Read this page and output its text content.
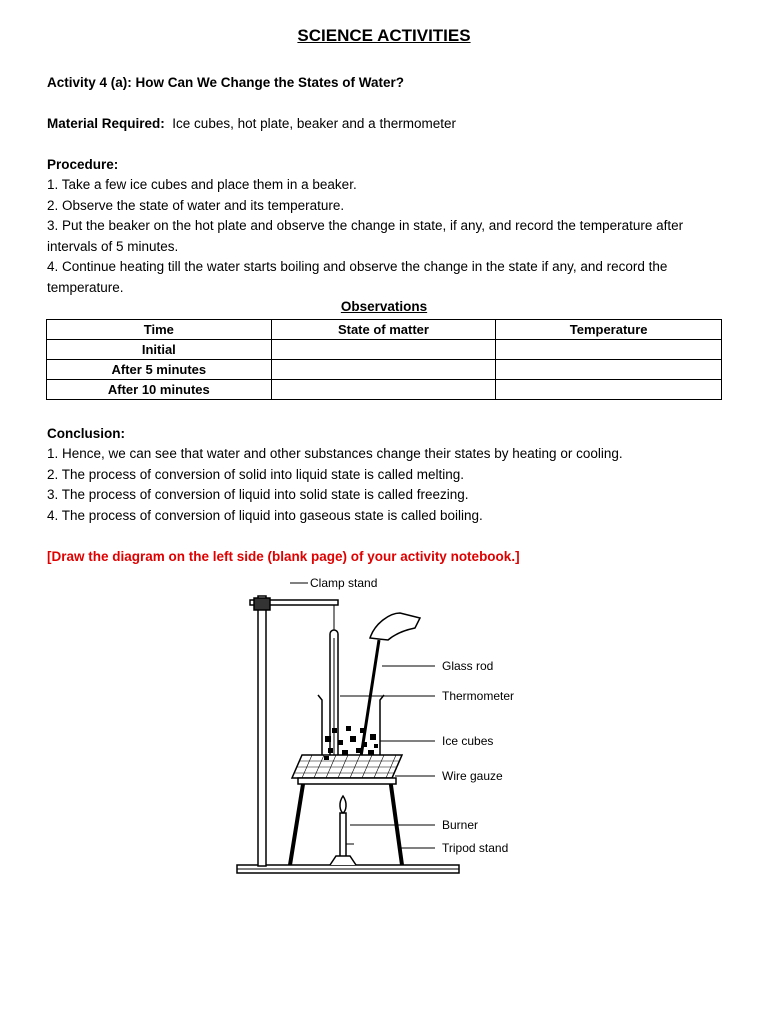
SCIENCE ACTIVITIES
Activity 4 (a): How Can We Change the States of Water?
Material Required: Ice cubes, hot plate, beaker and a thermometer
Procedure:
1. Take a few ice cubes and place them in a beaker.
2. Observe the state of water and its temperature.
3. Put the beaker on the hot plate and observe the change in state, if any, and record the temperature after
intervals of 5 minutes.
4. Continue heating till the water starts boiling and observe the change in the state if any, and record the
temperature.
Observations
Time	State of matter	Temperature
Initial		
After 5 minutes		
After 10 minutes		
Conclusion:
1. Hence, we can see that water and other substances change their states by heating or cooling.
2. The process of conversion of solid into liquid state is called melting.
3. The process of conversion of liquid into solid state is called freezing.
4. The process of conversion of liquid into gaseous state is called boiling.
[Draw the diagram on the left side (blank page) of your activity notebook.]
Clamp stand
Glass rod
Thermometer
Ice cubes
Wire gauze
Burner
Tripod stand
